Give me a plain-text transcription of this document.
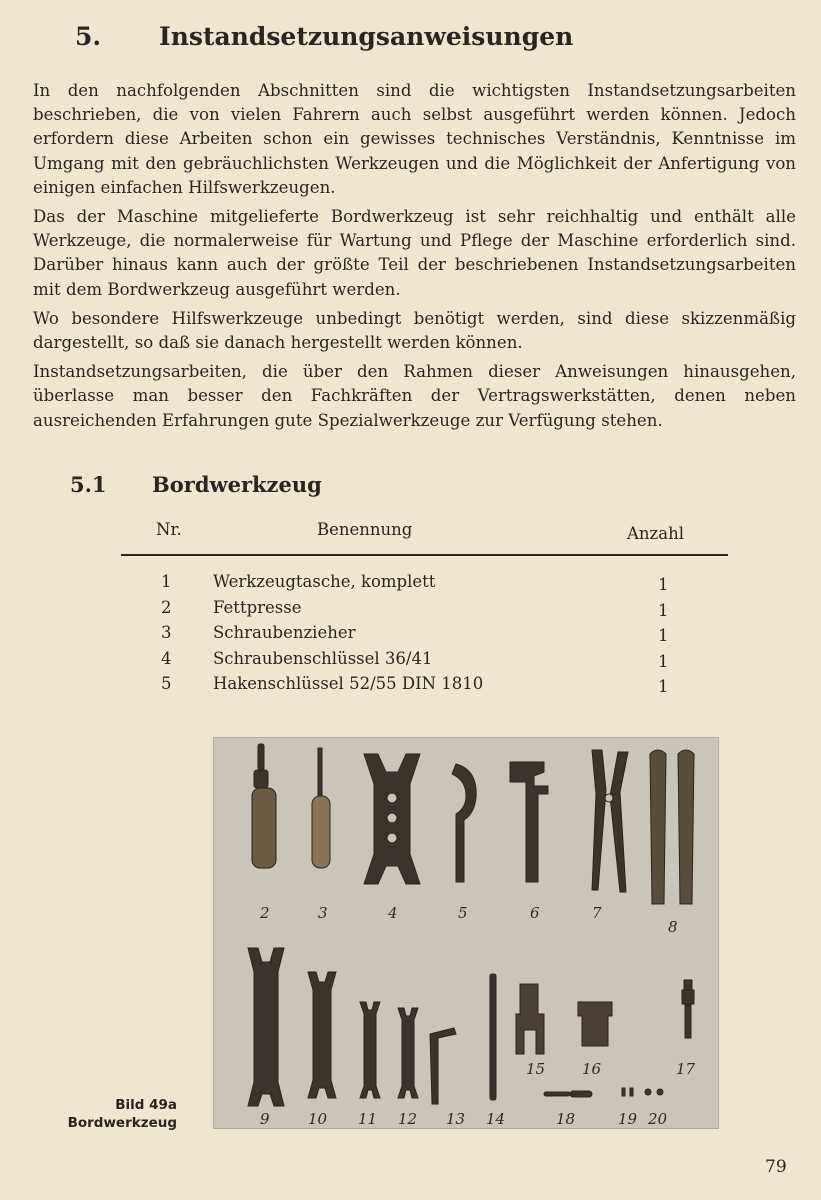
5. Instandsetzungsanweisungen

In den nachfolgenden Abschnitten sind die wichtigsten Instandsetzungsarbeiten beschrieben, die von vielen Fahrern auch selbst ausgeführt werden können. Jedoch erfordern diese Arbeiten schon ein gewisses technisches Verständnis, Kenntnisse im Umgang mit den gebräuchlichsten Werkzeugen und die Möglichkeit der Anfertigung von einigen einfachen Hilfswerkzeugen.

Das der Maschine mitgelieferte Bordwerkzeug ist sehr reichhaltig und enthält alle Werkzeuge, die normalerweise für Wartung und Pflege der Maschine erforderlich sind. Darüber hinaus kann auch der größte Teil der beschriebenen Instandsetzungsarbeiten mit dem Bordwerkzeug ausgeführt werden.

Wo besondere Hilfswerkzeuge unbedingt benötigt werden, sind diese skizzenmäßig dargestellt, so daß sie danach hergestellt werden können.

Instandsetzungsarbeiten, die über den Rahmen dieser Anweisungen hinausgehen, überlasse man besser den Fachkräften der Vertragswerkstätten, denen neben ausreichenden Erfahrungen gute Spezialwerkzeuge zur Verfügung stehen.

5.1 Bordwerkzeug
Nr.	Benennung	Anzahl
1	Werkzeugtasche, komplett	1
2	Fettpresse	1
3	Schraubenzieher	1
4	Schraubenschlüssel 36/41	1
5	Hakenschlüssel 52/55 DIN 1810	1
2	3	4	5	6	7
8
9	10 11 12 13 14
15 16	17
18	19 20
Bild 49a
Bordwerkzeug
79
